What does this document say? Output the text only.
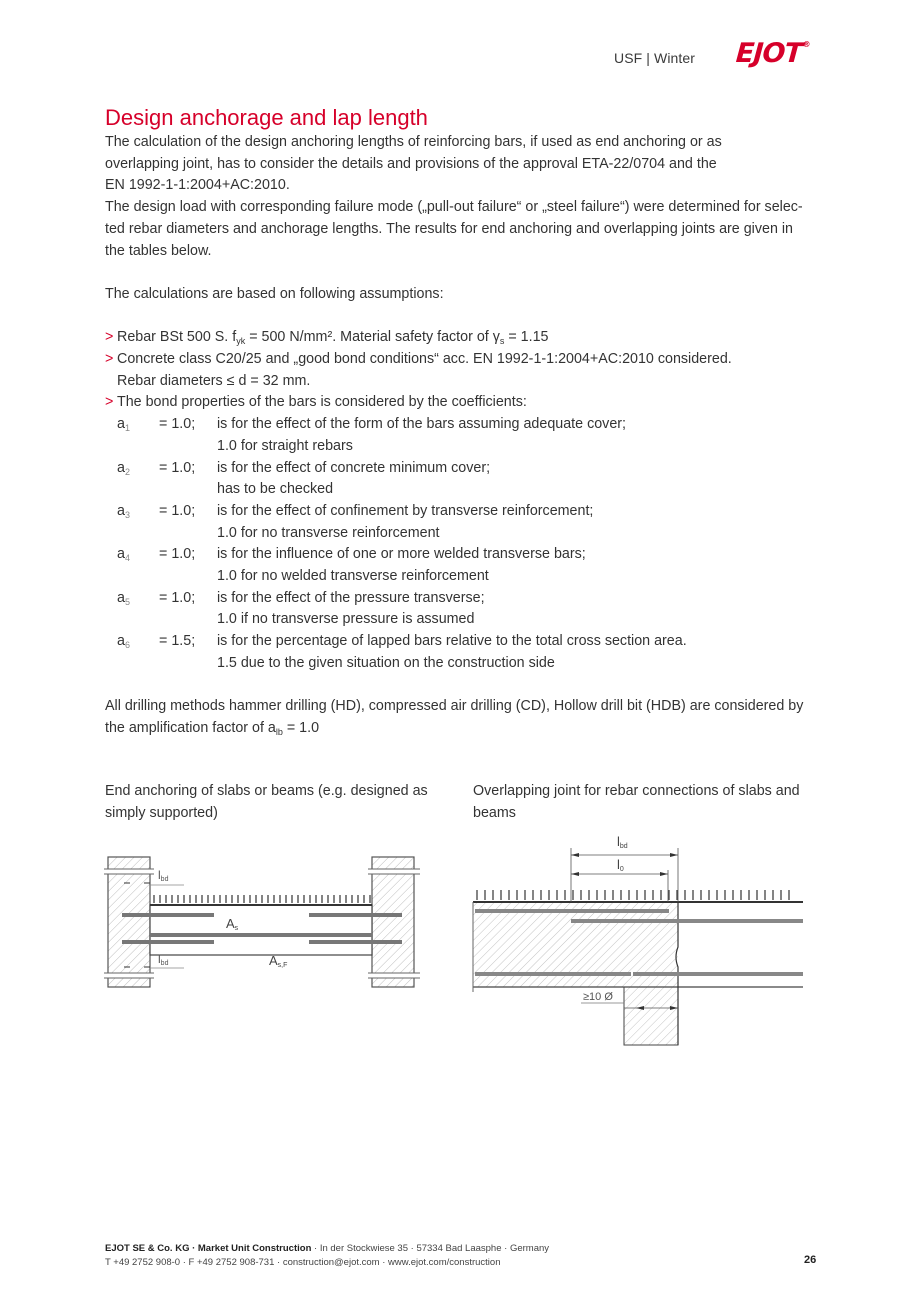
USF | Winter EJOT®
Design anchorage and lap length

The calculation of the design anchoring lengths of reinforcing bars, if used as end anchoring or as

overlapping joint, has to consider the details and provisions of the approval ETA-22/0704 and the

EN 1992-1-1:2004+AC:2010.

The design load with corresponding failure mode („pull-out failure“ or „steel failure“) were determined for selec-

ted rebar diameters and anchorage lengths. The results for end anchoring and overlapping joints are given in

the tables below.

The calculations are based on following assumptions:

> Rebar BSt 500 S. $f_{yk} = 500$ N/mm². Material safety factor of $\gamma_s = 1.15$
> Concrete class C20/25 and „good bond conditions“ acc. EN 1992-1-1:2004+AC:2010 considered.
Rebar diameters ≤ d = 32 mm.
> The bond properties of the bars is considered by the coefficients:
$a_1$	= 1.0;	is for the effect of the form of the bars assuming adequate cover;
1.0 for straight rebars
$a_2$	= 1.0;	is for the effect of concrete minimum cover;
has to be checked
$a_3$	= 1.0;	is for the effect of confinement by transverse reinforcement;
1.0 for no transverse reinforcement
$a_4$	= 1.0;	is for the influence of one or more welded transverse bars;
1.0 for no welded transverse reinforcement
$a_5$	= 1.0;	is for the effect of the pressure transverse;
1.0 if no transverse pressure is assumed
$a_6$	= 1.5;	is for the percentage of lapped bars relative to the total cross section area.
1.5 due to the given situation on the construction side

All drilling methods hammer drilling (HD), compressed air drilling (CD), Hollow drill bit (HDB) are considered by

the amplification factor of $a_{lb} = 1.0$

End anchoring of slabs or beams (e.g. designed as
simply supported)
Overlapping joint for rebar connections of slabs and
beams
lbd
lbd
As
As,F
lbd
l0
≥10 Ø
EJOT SE & Co. KG · Market Unit Construction · In der Stockwiese 35 · 57334 Bad Laasphe · Germany
T +49 2752 908-0 · F +49 2752 908-731 · construction@ejot.com · www.ejot.com/construction	26
